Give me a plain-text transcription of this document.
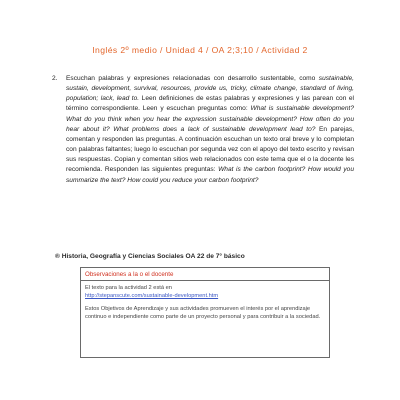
Inglés 2º medio / Unidad 4 / OA 2;3;10 / Actividad 2
2. Escuchan palabras y expresiones relacionadas con desarrollo sustentable, como sustainable, sustain, development, survival, resources, provide us, tricky, climate change, standard of living, population; lack, lead to. Leen definiciones de estas palabras y expresiones y las parean con el término correspondiente. Leen y escuchan preguntas como: What is sustainable development? What do you think when you hear the expression sustainable development? How often do you hear about it? What problems does a lack of sustainable development lead to? En parejas, comentan y responden las preguntas. A continuación escuchan un texto oral breve y lo completan con palabras faltantes; luego lo escuchan por segunda vez con el apoyo del texto escrito y revisan sus respuestas. Copian y comentan sitios web relacionados con este tema que el o la docente les recomienda. Responden las siguientes preguntas: What is the carbon footprint? How would you summarize the text? How could you reduce your carbon footprint?
® Historia, Geografía y Ciencias Sociales OA 22 de 7° básico
Observaciones a la o el docente
El texto para la actividad 2 está en
http://stepanscute.com/sustainable-development.htm
Estos Objetivos de Aprendizaje y sus actividades promueven el interés por el aprendizaje continuo e independiente como parte de un proyecto personal y para contribuir a la sociedad.
